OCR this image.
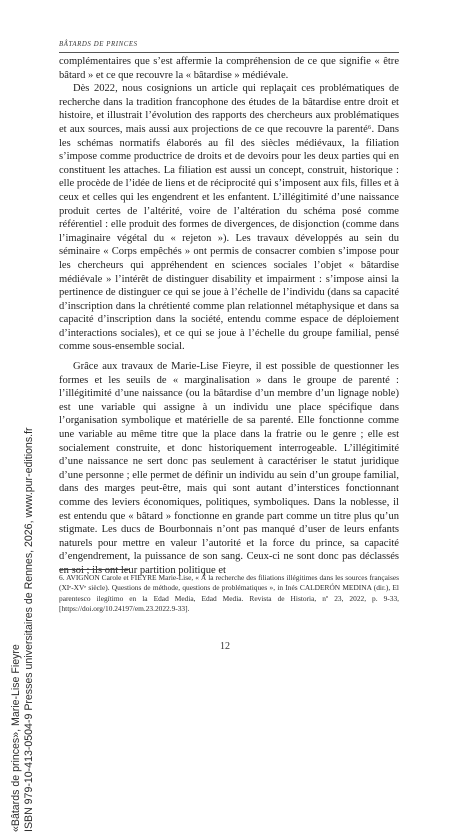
BÂTARDS DE PRINCES

complémentaires que s’est affermie la compréhension de ce que signifie « être bâtard » et ce que recouvre la « bâtardise » médiévale.

Dès 2022, nous cosignions un article qui replaçait ces problématiques de recherche dans la tradition francophone des études de la bâtardise entre droit et histoire, et illustrait l’évolution des rapports des chercheurs aux problématiques et aux sources, mais aussi aux projections de ce que recouvre la parenté⁶. Dans les schémas normatifs élaborés au fil des siècles médiévaux, la filiation s’impose comme productrice de droits et de devoirs pour les deux parties qui en constituent les attaches. La filiation est aussi un concept, construit, historique : elle procède de l’idée de liens et de réciprocité qui s’imposent aux fils, filles et à ceux et celles qui les engendrent et les enfantent. L’illégitimité d’une naissance produit certes de l’altérité, voire de l’altération du schéma posé comme référentiel : elle produit des formes de divergences, de disjonction (comme dans l’imaginaire végétal du « rejeton »). Les travaux développés au sein du séminaire « Corps empêchés » ont permis de consacrer combien s’impose pour les chercheurs qui appréhendent en sciences sociales l’objet « bâtardise médiévale » l’intérêt de distinguer disability et impairment : s’impose ainsi la pertinence de distinguer ce qui se joue à l’échelle de l’individu (dans sa capacité d’inscription dans la chrétienté comme plan relationnel métaphysique et dans sa capacité d’inscription dans la société, entendu comme espace de déploiement d’interactions sociales), et ce qui se joue à l’échelle du groupe familial, pensé comme sous-ensemble social.

Grâce aux travaux de Marie-Lise Fieyre, il est possible de questionner les formes et les seuils de « marginalisation » dans le groupe de parenté : l’illégitimité d’une naissance (ou la bâtardise d’un membre d’un lignage noble) est une variable qui assigne à un individu une place spécifique dans l’organisation symbolique et matérielle de sa parenté. Elle fonctionne comme une variable au même titre que la place dans la fratrie ou le genre ; elle est socialement construite, et donc historiquement interrogeable. L’illégitimité d’une naissance ne sert donc pas seulement à caractériser le statut juridique d’une personne ; elle permet de définir un individu au sein d’un groupe familial, dans des marges peut-être, mais qui sont autant d’interstices fonctionnant comme des leviers économiques, politiques, symboliques. Dans la noblesse, il est entendu que « bâtard » fonctionne en grande part comme un titre plus qu’un stigmate. Les ducs de Bourbonnais n’ont pas manqué d’user de leurs enfants naturels pour mettre en valeur l’autorité et la force du prince, sa capacité d’engendrement, la puissance de son sang. Ceux-ci ne sont donc pas déclassés en soi ; ils ont leur partition politique et

6. AVIGNON Carole et FIEYRE Marie-Lise, « À la recherche des filiations illégitimes dans les sources françaises (XIᵉ-XVᵉ siècle). Questions de méthode, questions de problématiques », in Inés CALDERÓN MEDINA (dir.), El parentesco ilegítimo en la Edad Media, Edad Media. Revista de Historia, nº 23, 2022, p. 9-33, [https://doi.org/10.24197/em.23.2022.9-33].
12
«Bâtards de princes», Marie-Lise Fieyre ISBN 979-10-413-0504-9 Presses universitaires de Rennes, 2026, www.pur-editions.fr
